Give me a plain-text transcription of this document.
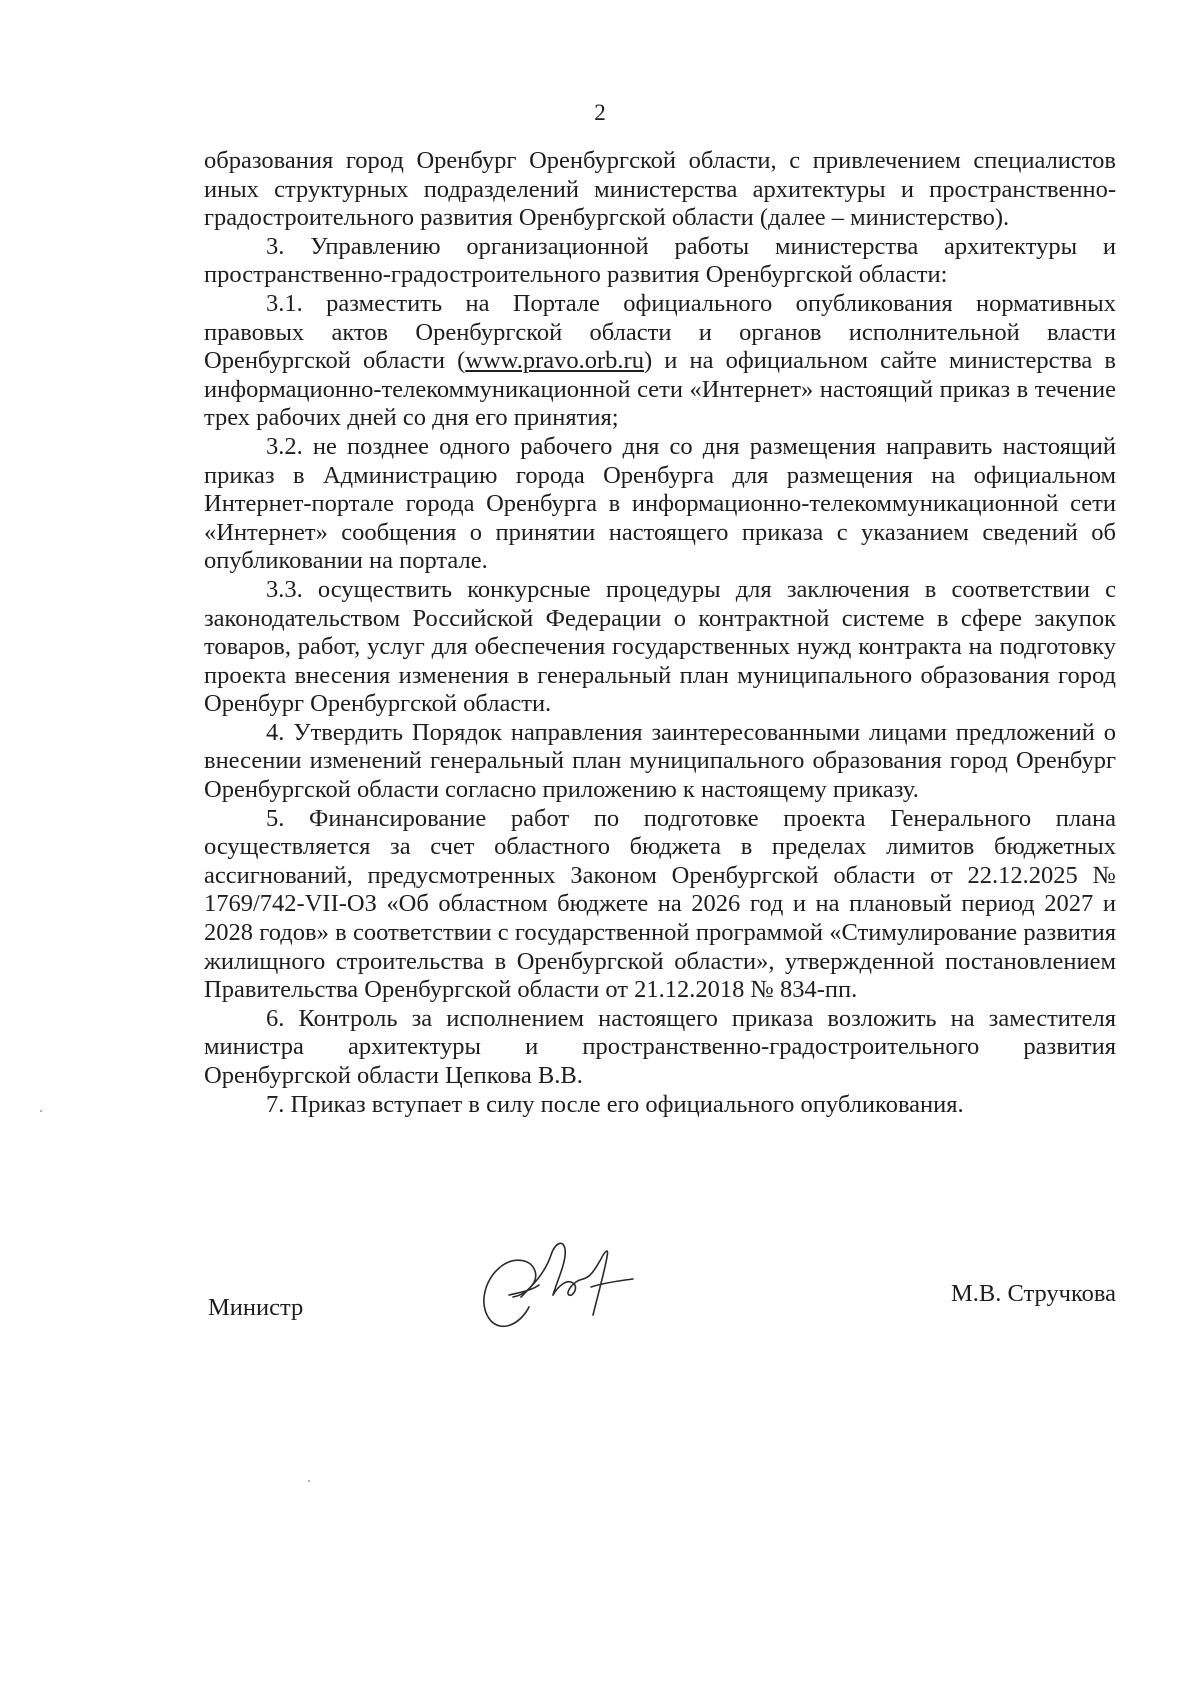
2

образования город Оренбург Оренбургской области, с привлечением специалистов иных структурных подразделений министерства архитектуры и пространственно-градостроительного развития Оренбургской области (далее – министерство).

3. Управлению организационной работы министерства архитектуры и пространственно-градостроительного развития Оренбургской области:

3.1. разместить на Портале официального опубликования нормативных правовых актов Оренбургской области и органов исполнительной власти Оренбургской области (www.pravo.orb.ru) и на официальном сайте министерства в информационно-телекоммуникационной сети «Интернет» настоящий приказ в течение трех рабочих дней со дня его принятия;

3.2. не позднее одного рабочего дня со дня размещения направить настоящий приказ в Администрацию города Оренбурга для размещения на официальном Интернет-портале города Оренбурга в информационно-телекоммуникационной сети «Интернет» сообщения о принятии настоящего приказа с указанием сведений об опубликовании на портале.

3.3. осуществить конкурсные процедуры для заключения в соответствии с законодательством Российской Федерации о контрактной системе в сфере закупок товаров, работ, услуг для обеспечения государственных нужд контракта на подготовку проекта внесения изменения в генеральный план муниципального образования город Оренбург Оренбургской области.

4. Утвердить Порядок направления заинтересованными лицами предложений о внесении изменений генеральный план муниципального образования город Оренбург Оренбургской области согласно приложению к настоящему приказу.

5. Финансирование работ по подготовке проекта Генерального плана осуществляется за счет областного бюджета в пределах лимитов бюджетных ассигнований, предусмотренных Законом Оренбургской области от 22.12.2025 № 1769/742-VII-ОЗ «Об областном бюджете на 2026 год и на плановый период 2027 и 2028 годов» в соответствии с государственной программой «Стимулирование развития жилищного строительства в Оренбургской области», утвержденной постановлением Правительства Оренбургской области от 21.12.2018 № 834-пп.

6. Контроль за исполнением настоящего приказа возложить на заместителя министра архитектуры и пространственно-градостроительного развития Оренбургской области Цепкова В.В.

7. Приказ вступает в силу после его официального опубликования.

Министр
М.В. Стручкова
